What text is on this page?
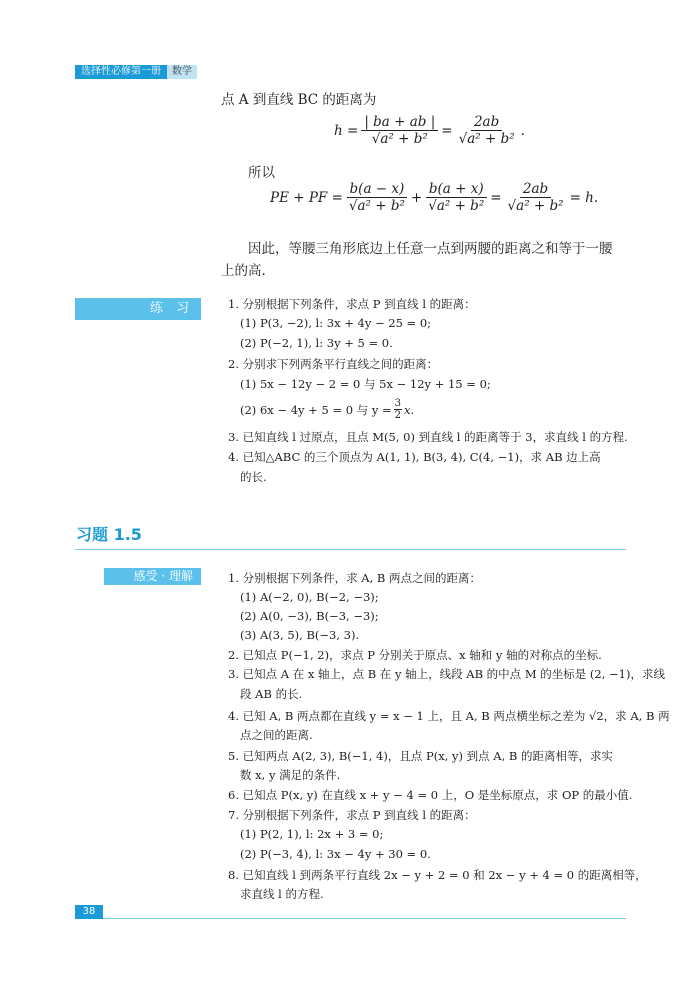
选择性必修第一册	数学
点 A 到直线 BC 的距离为
$h = \frac{| ba + ab |}{\text{√a² + b²}} = \frac{2ab}{\text{√a² + b²}}$ .
所以
PE + PF = $\frac{b(a - x)}{\text{√a² + b²}} + \frac{b(a + x)}{\text{√a² + b²}} = \frac{2ab}{\text{√a² + b²}} = h$.
因此，等腰三角形底边上任意一点到两腰的距离之和等于一腰
上的高.
练　习	1. 分别根据下列条件，求点 P 到直线 l 的距离：
(1) P(3, −2), l: 3x + 4y − 25 = 0;
(2) P(−2, 1), l: 3y + 5 = 0.
2. 分别求下列两条平行直线之间的距离：
(1) 5x − 12y − 2 = 0 与 5x − 12y + 15 = 0;
(2) 6x − 4y + 5 = 0 与 $y = \frac{3}{2} x$.
3. 已知直线 l 过原点，且点 M(5, 0) 到直线 l 的距离等于 3，求直线 l 的方程.
4. 已知△ABC 的三个顶点为 A(1, 1), B(3, 4), C(4, −1)，求 AB 边上高
的长.
习题 1.5
感受 · 理解	1. 分别根据下列条件，求 A, B 两点之间的距离：
(1) A(−2, 0), B(−2, −3);
(2) A(0, −3), B(−3, −3);
(3) A(3, 5), B(−3, 3).
2. 已知点 P(−1, 2)，求点 P 分别关于原点、x 轴和 y 轴的对称点的坐标.
3. 已知点 A 在 x 轴上，点 B 在 y 轴上，线段 AB 的中点 M 的坐标是 (2, −1)，求线
段 AB 的长.
4. 已知 A, B 两点都在直线 y = x − 1 上，且 A, B 两点横坐标之差为 √2，求 A, B 两
点之间的距离.
5. 已知两点 A(2, 3), B(−1, 4)，且点 P(x, y) 到点 A, B 的距离相等，求实
数 x, y 满足的条件.
6. 已知点 P(x, y) 在直线 x + y − 4 = 0 上，O 是坐标原点，求 OP 的最小值.
7. 分别根据下列条件，求点 P 到直线 l 的距离：
(1) P(2, 1), l: 2x + 3 = 0;
(2) P(−3, 4), l: 3x − 4y + 30 = 0.
8. 已知直线 l 到两条平行直线 2x − y + 2 = 0 和 2x − y + 4 = 0 的距离相等，
求直线 l 的方程.
38
